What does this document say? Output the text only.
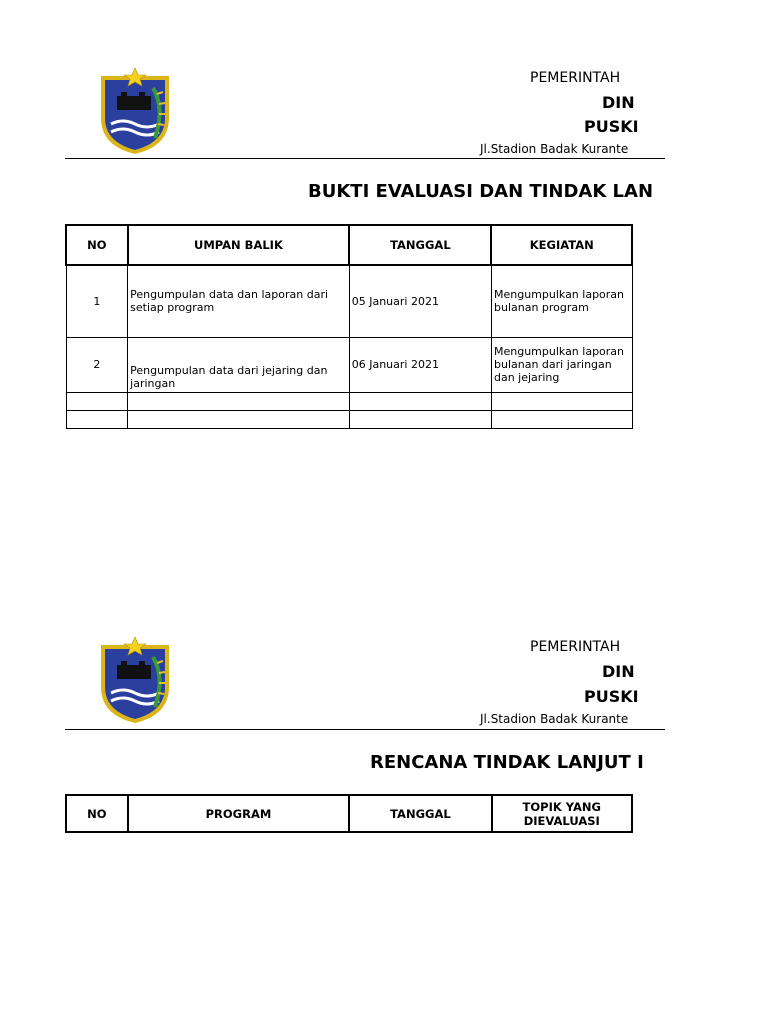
PEMERINTAH
DIN
PUSKI
Jl.Stadion Badak Kurante
BUKTI EVALUASI DAN TINDAK LAN
NO	UMPAN BALIK	TANGGAL	KEGIATAN
1	Pengumpulan data dan laporan dari setiap program	05 Januari 2021	Mengumpulkan laporan bulanan program
2	Pengumpulan data dari jejaring dan jaringan	06 Januari 2021	Mengumpulkan laporan bulanan dari jaringan dan jejaring

PEMERINTAH
DIN
PUSKI
Jl.Stadion Badak Kurante
RENCANA TINDAK LANJUT I
NO	PROGRAM	TANGGAL	TOPIK YANG DIEVALUASI
